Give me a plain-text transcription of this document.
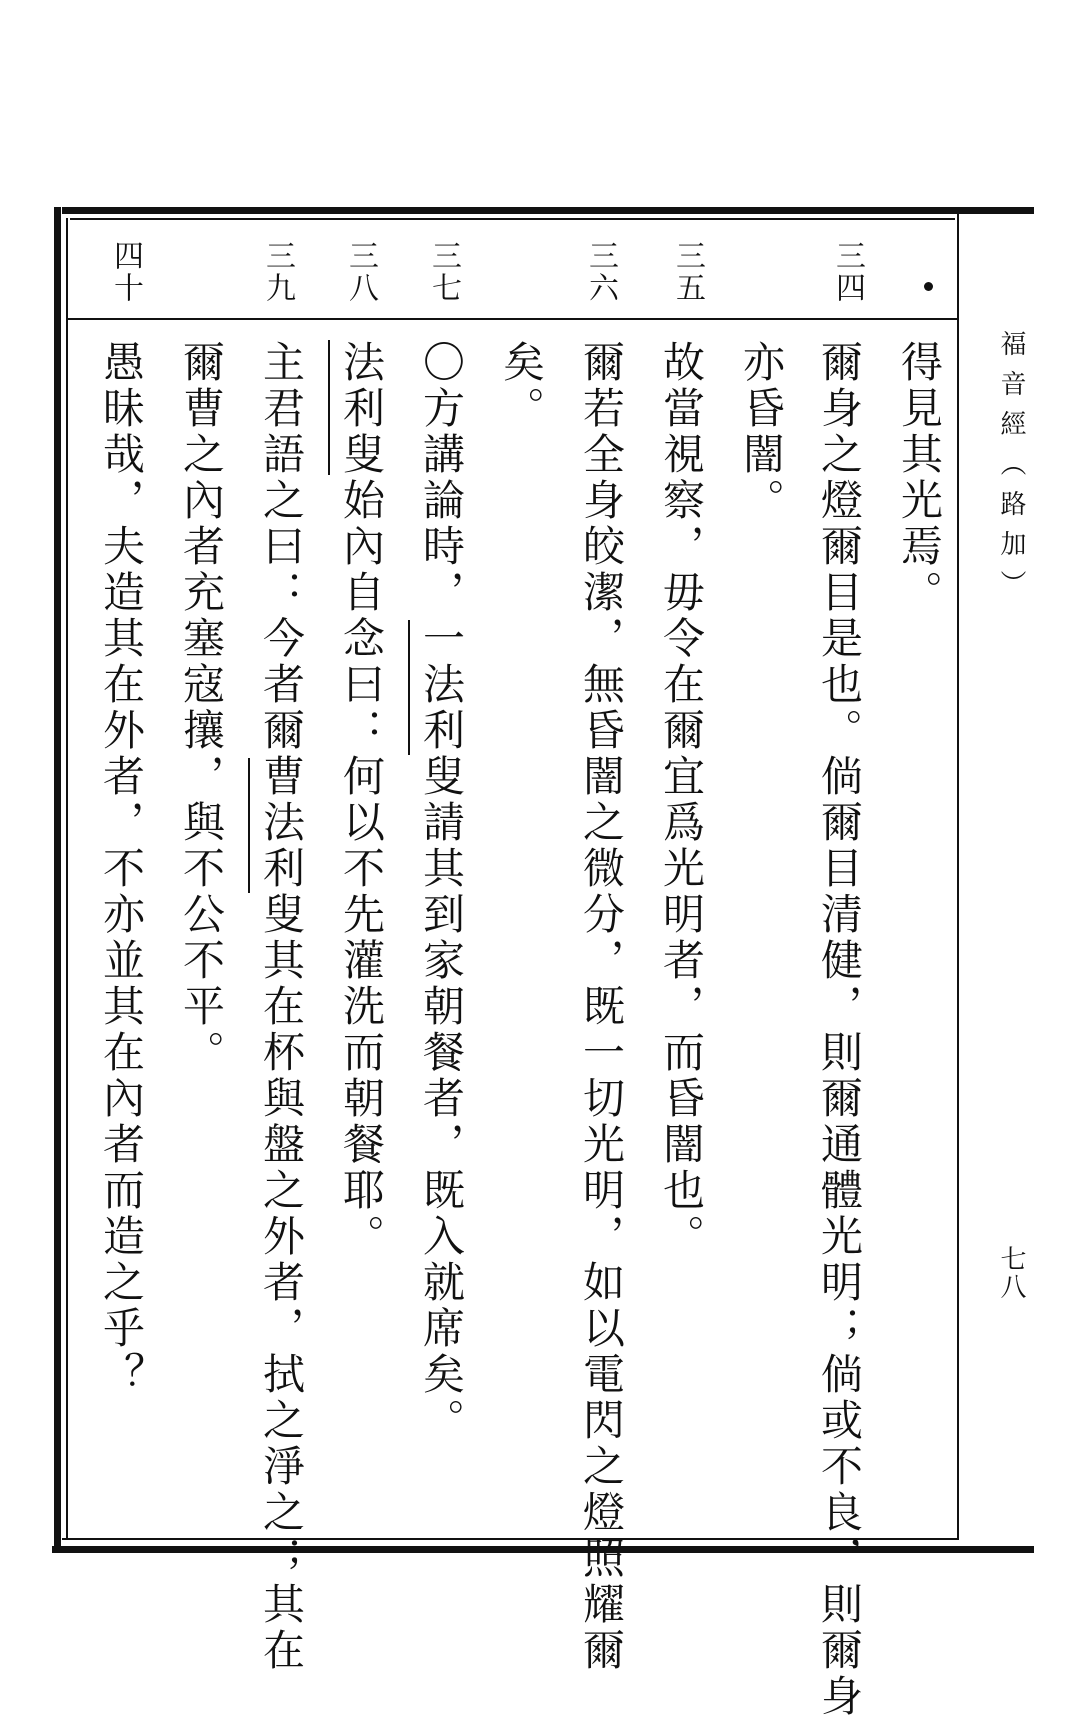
福音經（路加）
七八
三四
三五
三六
三七
三八
三九
四十
得見其光焉。
爾身之燈爾目是也。倘爾目清健，則爾通體光明；倘或不良，則爾身
亦昏闇。
故當視察，毋令在爾宜爲光明者，而昏闇也。
爾若全身皎潔，無昏闇之微分，既一切光明，如以電閃之燈照耀爾
矣。
〇方講論時，一法利叟請其到家朝餐者，既入就席矣。
法利叟始內自念曰：何以不先灌洗而朝餐耶。
主君語之曰：今者爾曹法利叟其在杯與盤之外者，拭之淨之；其在
爾曹之內者充塞寇攘，與不公不平。
愚昧哉，夫造其在外者，不亦並其在內者而造之乎？
